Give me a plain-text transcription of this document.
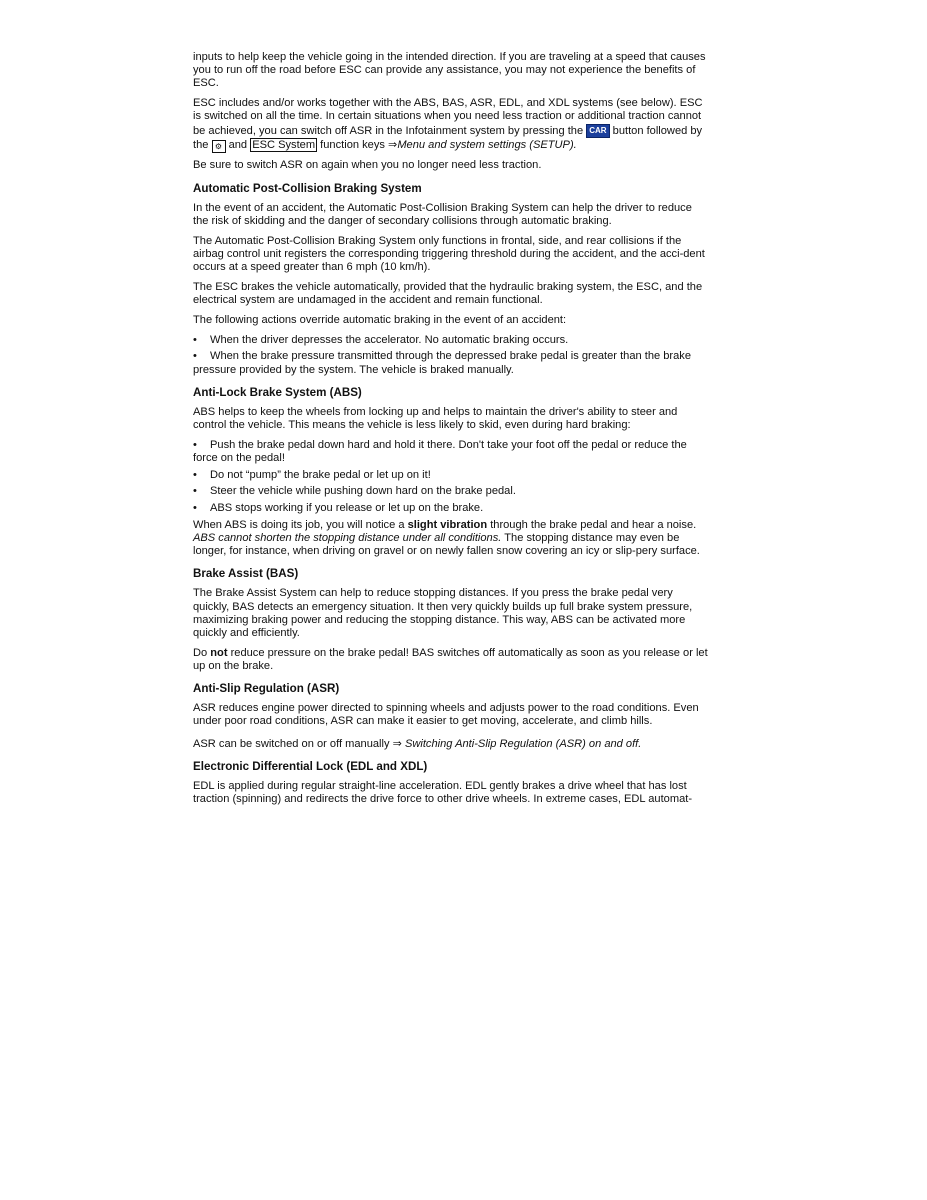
inputs to help keep the vehicle going in the intended direction. If you are traveling at a speed that causes you to run off the road before ESC can provide any assistance, you may not experience the benefits of ESC.

ESC includes and/or works together with the ABS, BAS, ASR, EDL, and XDL systems (see below). ESC is switched on all the time. In certain situations when you need less traction or additional traction cannot be achieved, you can switch off ASR in the Infotainment system by pressing the CAR button followed by the ⚙ and ESC System function keys ⇒Menu and system settings (SETUP).

Be sure to switch ASR on again when you no longer need less traction.

Automatic Post-Collision Braking System

In the event of an accident, the Automatic Post-Collision Braking System can help the driver to reduce the risk of skidding and the danger of secondary collisions through automatic braking.

The Automatic Post-Collision Braking System only functions in frontal, side, and rear collisions if the airbag control unit registers the corresponding triggering threshold during the accident, and the acci-dent occurs at a speed greater than 6 mph (10 km/h).

The ESC brakes the vehicle automatically, provided that the hydraulic braking system, the ESC, and the electrical system are undamaged in the accident and remain functional.

The following actions override automatic braking in the event of an accident:

• When the driver depresses the accelerator. No automatic braking occurs.
• When the brake pressure transmitted through the depressed brake pedal is greater than the brake pressure provided by the system. The vehicle is braked manually.
Anti-Lock Brake System (ABS)

ABS helps to keep the wheels from locking up and helps to maintain the driver's ability to steer and control the vehicle. This means the vehicle is less likely to skid, even during hard braking:

• Push the brake pedal down hard and hold it there. Don't take your foot off the pedal or reduce the force on the pedal!
• Do not “pump” the brake pedal or let up on it!
• Steer the vehicle while pushing down hard on the brake pedal.
• ABS stops working if you release or let up on the brake.

When ABS is doing its job, you will notice a slight vibration through the brake pedal and hear a noise. ABS cannot shorten the stopping distance under all conditions. The stopping distance may even be longer, for instance, when driving on gravel or on newly fallen snow covering an icy or slip-pery surface.

Brake Assist (BAS)

The Brake Assist System can help to reduce stopping distances. If you press the brake pedal very quickly, BAS detects an emergency situation. It then very quickly builds up full brake system pressure, maximizing braking power and reducing the stopping distance. This way, ABS can be activated more quickly and efficiently.

Do not reduce pressure on the brake pedal! BAS switches off automatically as soon as you release or let up on the brake.

Anti-Slip Regulation (ASR)

ASR reduces engine power directed to spinning wheels and adjusts power to the road conditions. Even under poor road conditions, ASR can make it easier to get moving, accelerate, and climb hills.

ASR can be switched on or off manually ⇒ Switching Anti-Slip Regulation (ASR) on and off.

Electronic Differential Lock (EDL and XDL)

EDL is applied during regular straight-line acceleration. EDL gently brakes a drive wheel that has lost traction (spinning) and redirects the drive force to other drive wheels. In extreme cases, EDL automat-
